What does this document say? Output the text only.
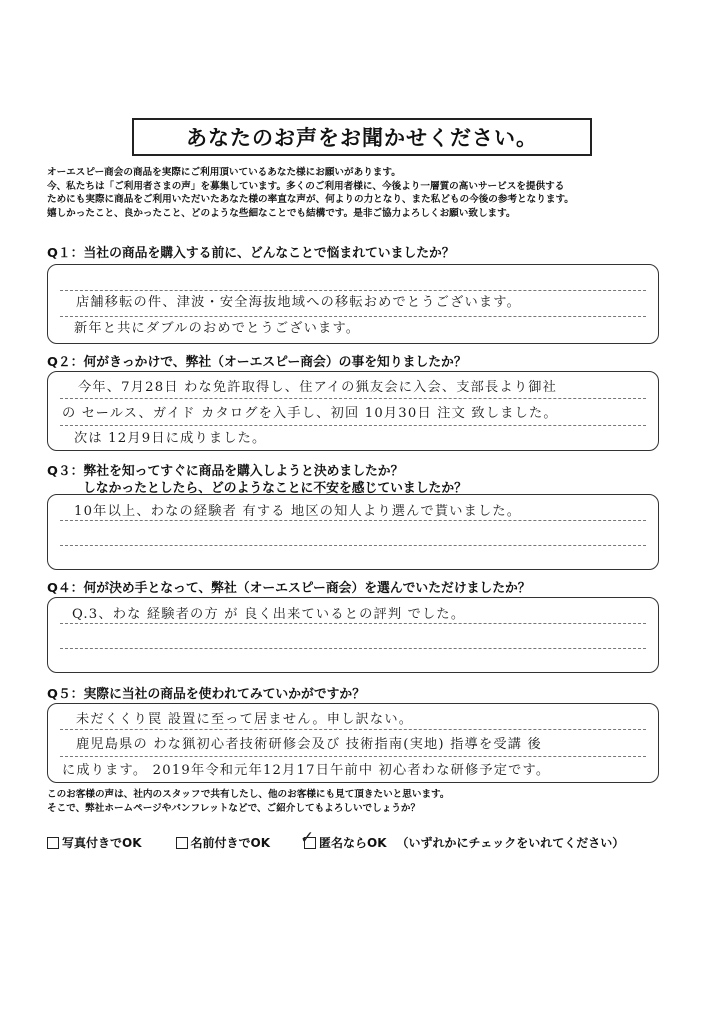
あなたのお声をお聞かせください。
オーエスピー商会の商品を実際にご利用頂いているあなた様にお願いがあります。
今、私たちは「ご利用者さまの声」を募集しています。多くのご利用者様に、今後より一層質の高いサービスを提供する
ためにも実際に商品をご利用いただいたあなた様の率直な声が、何よりの力となり、また私どもの今後の参考となります。
嬉しかったこと、良かったこと、どのような些細なことでも結構です。是非ご協力よろしくお願い致します。
Q１：当社の商品を購入する前に、どんなことで悩まれていましたか？
店舗移転の件、津波・安全海抜地域への移転おめでとうございます。
新年と共にダブルのおめでとうございます。
Q２：何がきっかけで、弊社（オーエスピー商会）の事を知りましたか？
今年、7月28日 わな免許取得し、住アイの猟友会に入会、支部長より御社
の セールス、ガイド カタログを入手し、初回 10月30日 注文 致しました。
次は 12月9日に成りました。
Q３：弊社を知ってすぐに商品を購入しようと決めましたか？
しなかったとしたら、どのようなことに不安を感じていましたか？
10年以上、わなの経験者 有する 地区の知人より選んで貰いました。
Q４：何が決め手となって、弊社（オーエスピー商会）を選んでいただけましたか？
Q.3、わな 経験者の方 が 良く出来ているとの評判 でした。
Q５：実際に当社の商品を使われてみていかがですか？
未だくくり罠 設置に至って居ません。申し訳ない。
鹿児島県の わな猟初心者技術研修会及び 技術指南(実地) 指導を受講 後
に成ります。 2019年令和元年12月17日午前中 初心者わな研修予定です。
このお客様の声は、社内のスタッフで共有したし、他のお客様にも見て頂きたいと思います。
そこで、弊社ホームページやパンフレットなどで、ご紹介してもよろしいでしょうか？
写真付きでOK	名前付きでOK ✓ 匿名ならOK （いずれかにチェックをいれてください）
